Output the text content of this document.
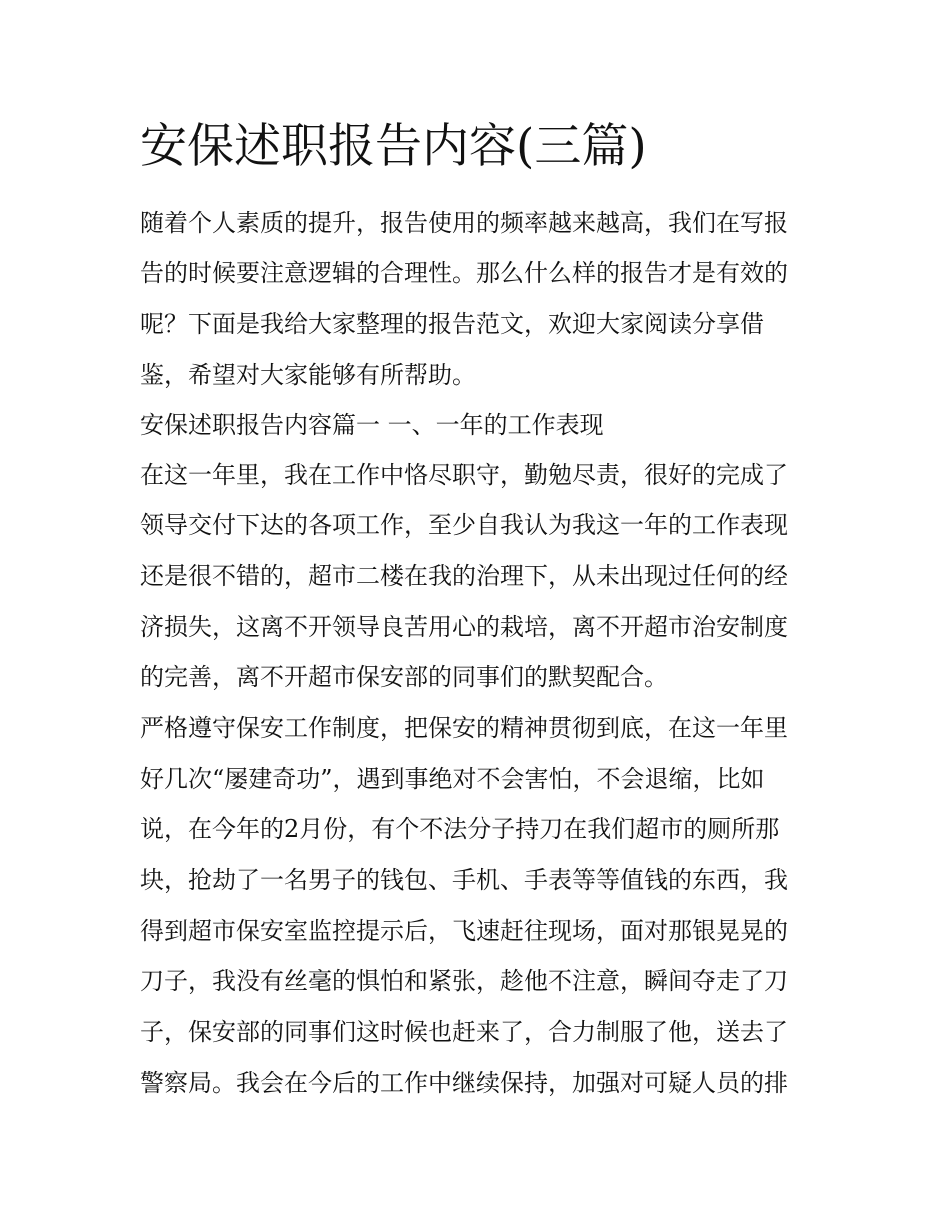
安保述职报告内容(三篇)

随着个人素质的提升，报告使用的频率越来越高，我们在写报

告的时候要注意逻辑的合理性。那么什么样的报告才是有效的

呢？下面是我给大家整理的报告范文，欢迎大家阅读分享借

鉴，希望对大家能够有所帮助。

安保述职报告内容篇一 一、一年的工作表现

在这一年里，我在工作中恪尽职守，勤勉尽责，很好的完成了

领导交付下达的各项工作，至少自我认为我这一年的工作表现

还是很不错的，超市二楼在我的治理下，从未出现过任何的经

济损失，这离不开领导良苦用心的栽培，离不开超市治安制度

的完善，离不开超市保安部的同事们的默契配合。

严格遵守保安工作制度，把保安的精神贯彻到底，在这一年里

好几次“屡建奇功”，遇到事绝对不会害怕，不会退缩，比如

说，在今年的2月份，有个不法分子持刀在我们超市的厕所那

块，抢劫了一名男子的钱包、手机、手表等等值钱的东西，我

得到超市保安室监控提示后，飞速赶往现场，面对那银晃晃的

刀子，我没有丝毫的惧怕和紧张，趁他不注意，瞬间夺走了刀

子，保安部的同事们这时候也赶来了，合力制服了他，送去了

警察局。我会在今后的工作中继续保持，加强对可疑人员的排
